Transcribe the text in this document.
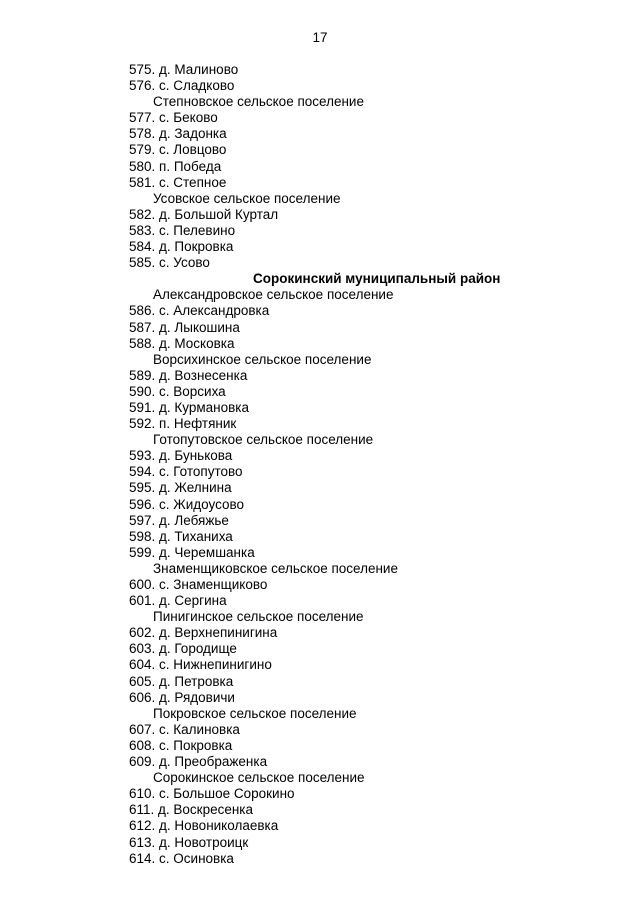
17
575. д. Малиново
576. с. Сладково
Степновское сельское поселение
577. с. Беково
578. д. Задонка
579. с. Ловцово
580. п. Победа
581. с. Степное
Усовское сельское поселение
582. д. Большой Куртал
583. с. Пелевино
584. д. Покровка
585. с. Усово
Сорокинский муниципальный район
Александровское сельское поселение
586. с. Александровка
587. д. Лыкошина
588. д. Московка
Ворсихинское сельское поселение
589. д. Вознесенка
590. с. Ворсиха
591. д. Курмановка
592. п. Нефтяник
Готопутовское сельское поселение
593. д. Бунькова
594. с. Готопутово
595. д. Желнина
596. с. Жидоусово
597. д. Лебяжье
598. д. Тиханиха
599. д. Черемшанка
Знаменщиковское сельское поселение
600. с. Знаменщиково
601. д. Сергина
Пинигинское сельское поселение
602. д. Верхнепинигина
603. д. Городище
604. с. Нижнепинигино
605. д. Петровка
606. д. Рядовичи
Покровское сельское поселение
607. с. Калиновка
608. с. Покровка
609. д. Преображенка
Сорокинское сельское поселение
610. с. Большое Сорокино
611. д. Воскресенка
612. д. Новониколаевка
613. д. Новотроицк
614. с. Осиновка
